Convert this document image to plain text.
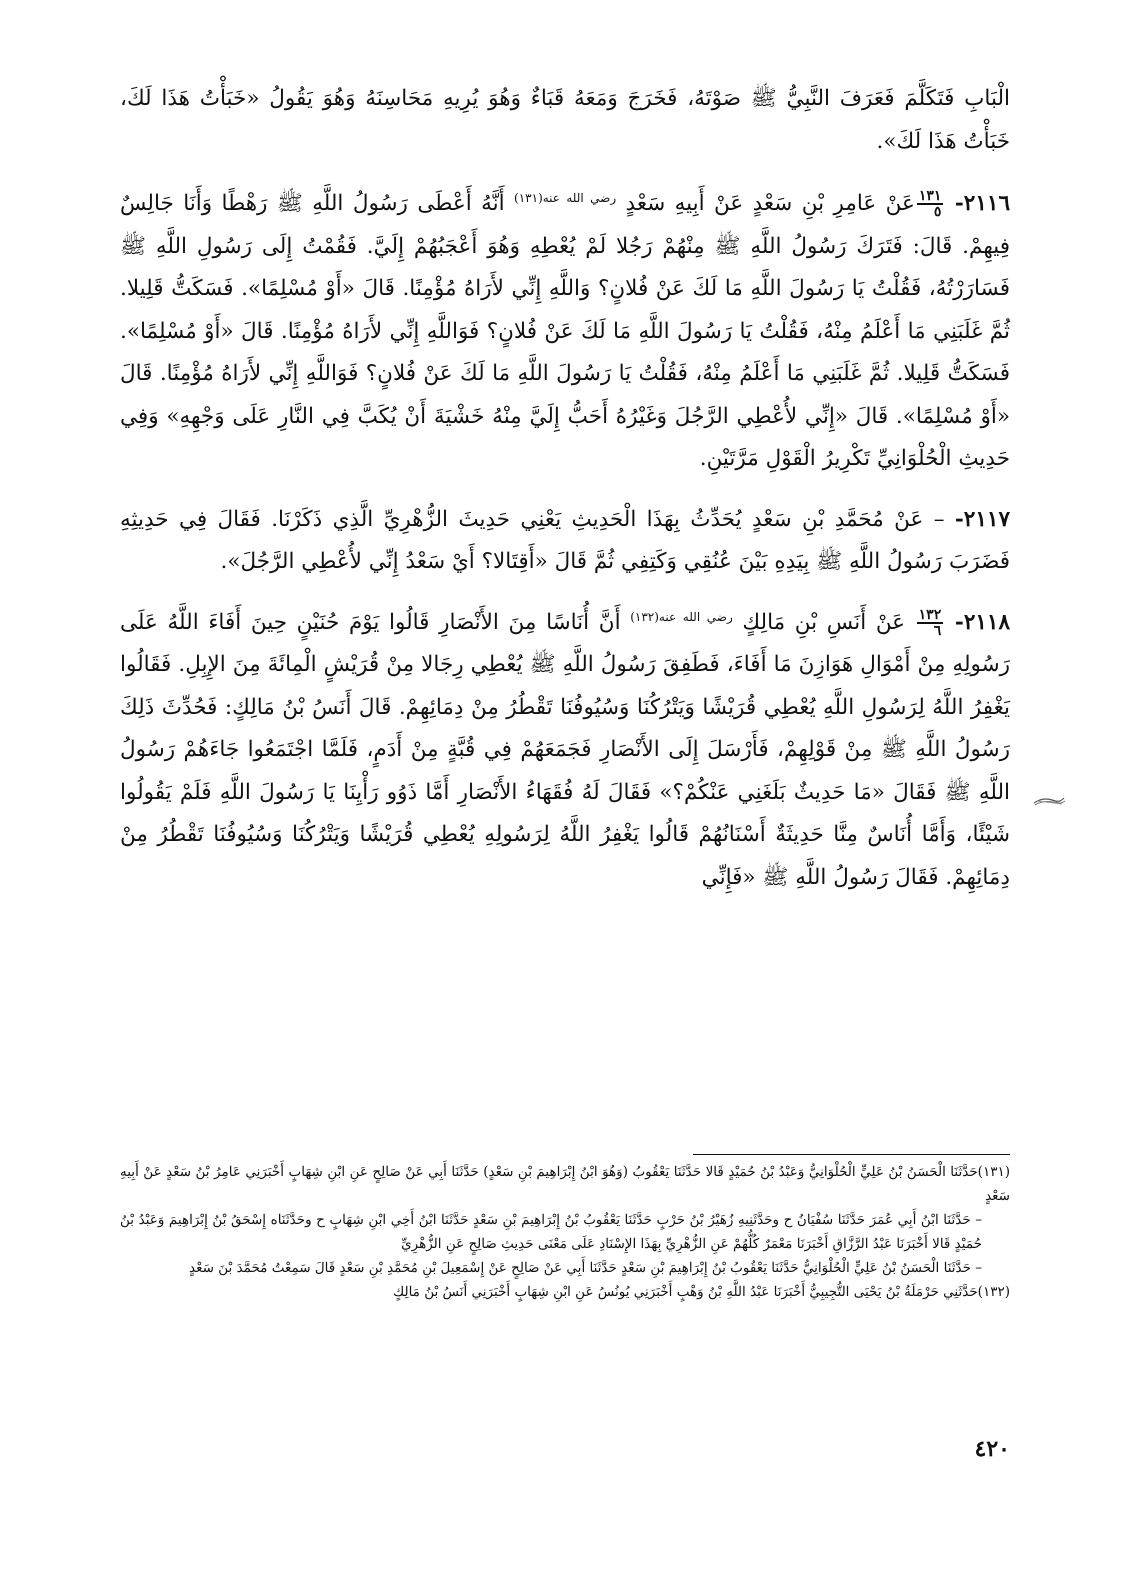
الْبَابِ فَتَكَلَّمَ فَعَرَفَ النَّبِيُّ ﷺ صَوْتَهُ، فَخَرَجَ وَمَعَهُ قَبَاءٌ وَهُوَ يُرِيهِ مَحَاسِنَهُ وَهُوَ يَقُولُ «خَبَأْتُ هَذَا لَكَ، خَبَأْتُ هَذَا لَكَ».

٢١١٦-
$\frac{١٣١}{٥}$
عَنْ عَامِرِ بْنِ سَعْدٍ عَنْ أَبِيهِ سَعْدٍ $^{رضي الله عنه(١٣١)}$ أَنَّهُ أَعْطَى رَسُولُ اللَّهِ ﷺ رَهْطًا وَأَنَا جَالِسٌ فِيهِمْ. قَالَ: فَتَرَكَ رَسُولُ اللَّهِ ﷺ مِنْهُمْ رَجُلا لَمْ يُعْطِهِ وَهُوَ أَعْجَبُهُمْ إِلَيَّ. فَقُمْتُ إِلَى رَسُولِ اللَّهِ ﷺ فَسَارَرْتُهُ، فَقُلْتُ يَا رَسُولَ اللَّهِ مَا لَكَ عَنْ فُلانٍ؟ وَاللَّهِ إِنِّي لأَرَاهُ مُؤْمِنًا. قَالَ «أَوْ مُسْلِمًا». فَسَكَتُّ قَلِيلا. ثُمَّ غَلَبَنِي مَا أَعْلَمُ مِنْهُ، فَقُلْتُ يَا رَسُولَ اللَّهِ مَا لَكَ عَنْ فُلانٍ؟ فَوَاللَّهِ إِنِّي لأَرَاهُ مُؤْمِنًا. قَالَ «أَوْ مُسْلِمًا». فَسَكَتُّ قَلِيلا. ثُمَّ غَلَبَنِي مَا أَعْلَمُ مِنْهُ، فَقُلْتُ يَا رَسُولَ اللَّهِ مَا لَكَ عَنْ فُلانٍ؟ فَوَاللَّهِ إِنِّي لأَرَاهُ مُؤْمِنًا. قَالَ «أَوْ مُسْلِمًا». قَالَ «إِنِّي لأُعْطِي الرَّجُلَ وَغَيْرُهُ أَحَبُّ إِلَيَّ مِنْهُ خَشْيَةَ أَنْ يُكَبَّ فِي النَّارِ عَلَى وَجْهِهِ» وَفِي حَدِيثِ الْحُلْوَانِيِّ تَكْرِيرُ الْقَوْلِ مَرَّتَيْنِ.

٢١١٧- – عَنْ مُحَمَّدِ بْنِ سَعْدٍ يُحَدِّثُ بِهَذَا الْحَدِيثِ يَعْنِي حَدِيثَ الزُّهْرِيِّ الَّذِي ذَكَرْنَا. فَقَالَ فِي حَدِيثِهِ فَضَرَبَ رَسُولُ اللَّهِ ﷺ بِيَدِهِ بَيْنَ عُنُقِي وَكَتِفِي ثُمَّ قَالَ «أَقِتَالا؟ أَيْ سَعْدُ إِنِّي لأُعْطِي الرَّجُلَ».

٢١١٨-
$\frac{١٣٢}{٦}$
عَنْ أَنَسِ بْنِ مَالِكٍ $^{رضي الله عنه(١٣٢)}$ أَنَّ أُنَاسًا مِنَ الأَنْصَارِ قَالُوا يَوْمَ حُنَيْنٍ حِينَ أَفَاءَ اللَّهُ عَلَى رَسُولِهِ مِنْ أَمْوَالِ هَوَازِنَ مَا أَفَاءَ، فَطَفِقَ رَسُولُ اللَّهِ ﷺ يُعْطِي رِجَالا مِنْ قُرَيْشٍ الْمِائَةَ مِنَ الإِبِلِ. فَقَالُوا يَغْفِرُ اللَّهُ لِرَسُولِ اللَّهِ يُعْطِي قُرَيْشًا وَيَتْرُكُنَا وَسُيُوفُنَا تَقْطُرُ مِنْ دِمَائِهِمْ. قَالَ أَنَسُ بْنُ مَالِكٍ: فَحُدِّثَ ذَلِكَ رَسُولُ اللَّهِ ﷺ مِنْ قَوْلِهِمْ، فَأَرْسَلَ إِلَى الأَنْصَارِ فَجَمَعَهُمْ فِي قُبَّةٍ مِنْ أَدَمٍ، فَلَمَّا اجْتَمَعُوا جَاءَهُمْ رَسُولُ اللَّهِ ﷺ فَقَالَ «مَا حَدِيثٌ بَلَغَنِي عَنْكُمْ؟» فَقَالَ لَهُ فُقَهَاءُ الأَنْصَارِ أَمَّا ذَوُو رَأْيِنَا يَا رَسُولَ اللَّهِ فَلَمْ يَقُولُوا شَيْئًا، وَأَمَّا أُنَاسٌ مِنَّا حَدِيثَةٌ أَسْنَانُهُمْ قَالُوا يَغْفِرُ اللَّهُ لِرَسُولِهِ يُعْطِي قُرَيْشًا وَيَتْرُكُنَا وَسُيُوفُنَا تَقْطُرُ مِنْ دِمَائِهِمْ. فَقَالَ رَسُولُ اللَّهِ ﷺ «فَإِنِّي

(١٣١)حَدَّثَنَا الْحَسَنُ بْنُ عَلِيٍّ الْحُلْوَانِيُّ وَعَبْدُ بْنُ حُمَيْدٍ قَالا حَدَّثَنَا يَعْقُوبُ (وَهُوَ ابْنُ إِبْرَاهِيمَ بْنِ سَعْدٍ) حَدَّثَنَا أَبِي عَنْ صَالِحٍ عَنِ ابْنِ شِهَابٍ أَخْبَرَنِي عَامِرُ بْنُ سَعْدٍ عَنْ أَبِيهِ سَعْدٍ

– حَدَّثَنَا ابْنُ أَبِي عُمَرَ حَدَّثَنَا سُفْيَانُ ح وحَدَّثَنِيهِ زُهَيْرُ بْنُ حَرْبٍ حَدَّثَنَا يَعْقُوبُ بْنُ إِبْرَاهِيمَ بْنِ سَعْدٍ حَدَّثَنَا ابْنُ أَخِي ابْنِ شِهَابٍ ح وحَدَّثَنَاه إِسْحَقُ بْنُ إِبْرَاهِيمَ وَعَبْدُ بْنُ حُمَيْدٍ قَالا أَخْبَرَنَا عَبْدُ الرَّزَّاقِ أَخْبَرَنَا مَعْمَرٌ كُلُّهُمْ عَنِ الزُّهْرِيِّ بِهَذَا الإِسْنَادِ عَلَى مَعْنَى حَدِيثِ صَالِحٍ عَنِ الزُّهْرِيِّ

– حَدَّثَنَا الْحَسَنُ بْنُ عَلِيٍّ الْحُلْوَانِيُّ حَدَّثَنَا يَعْقُوبُ بْنُ إِبْرَاهِيمَ بْنِ سَعْدٍ حَدَّثَنَا أَبِي عَنْ صَالِحٍ عَنْ إِسْمَعِيلَ بْنِ مُحَمَّدِ بْنِ سَعْدٍ قَالَ سَمِعْتُ مُحَمَّدَ بْنَ سَعْدٍ

(١٣٢)حَدَّثَنِي حَرْمَلَةُ بْنُ يَحْيَى التُّجِيبِيُّ أَخْبَرَنَا عَبْدُ اللَّهِ بْنُ وَهْبٍ أَخْبَرَنِي يُونُسُ عَنِ ابْنِ شِهَابٍ أَخْبَرَنِي أَنَسُ بْنُ مَالِكٍ

٤٢٠
